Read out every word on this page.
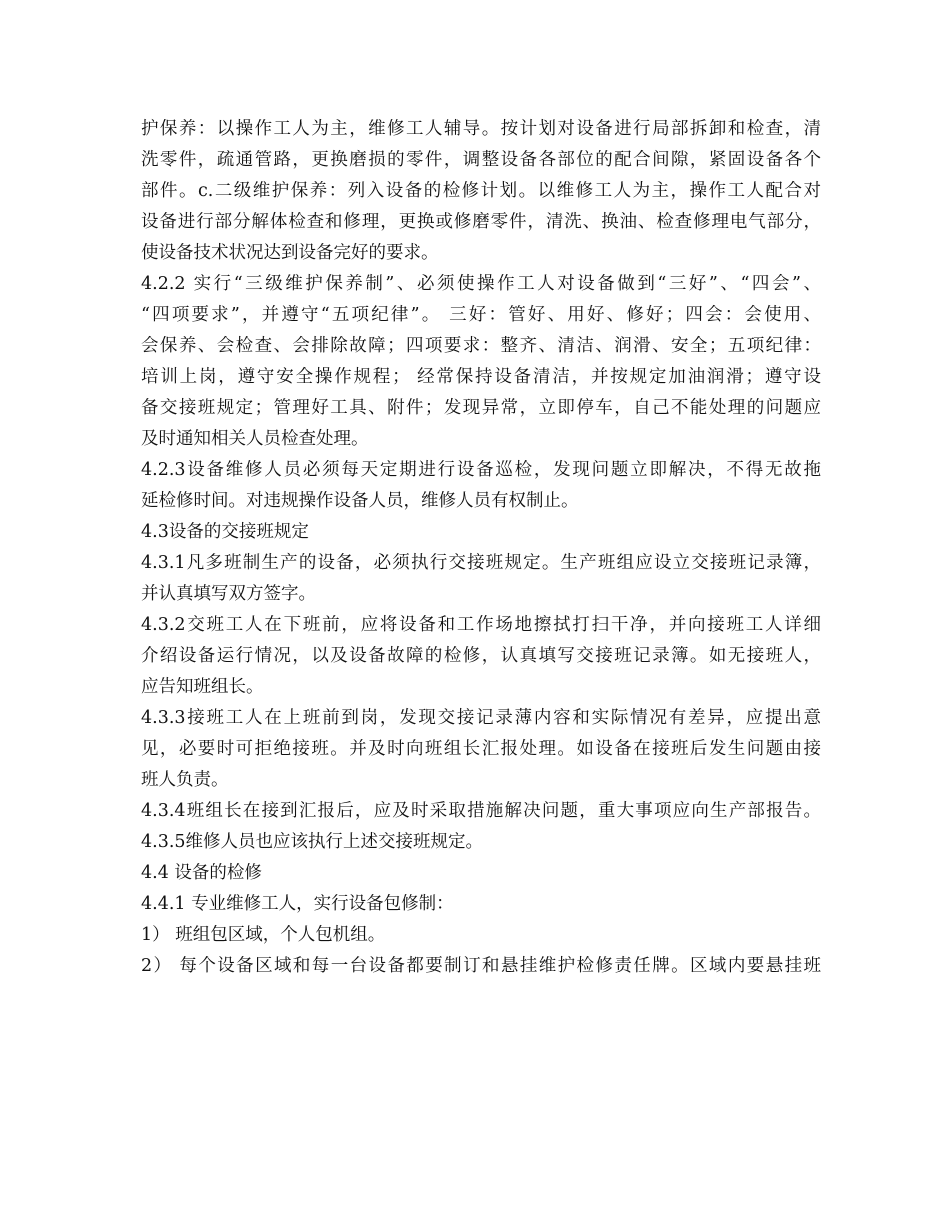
护保养：以操作工人为主，维修工人辅导。按计划对设备进行局部拆卸和检查，清
洗零件，疏通管路，更换磨损的零件，调整设备各部位的配合间隙，紧固设备各个
部件。c.二级维护保养：列入设备的检修计划。以维修工人为主，操作工人配合对
设备进行部分解体检查和修理，更换或修磨零件，清洗、换油、检查修理电气部分，
使设备技术状况达到设备完好的要求。
4.2.2 实行“三级维护保养制”、必须使操作工人对设备做到“三好”、“四会”、
“四项要求”，并遵守“五项纪律”。 三好：管好、用好、修好；四会：会使用、
会保养、会检查、会排除故障；四项要求：整齐、清洁、润滑、安全；五项纪律：
培训上岗，遵守安全操作规程； 经常保持设备清洁，并按规定加油润滑；遵守设
备交接班规定；管理好工具、附件；发现异常，立即停车，自己不能处理的问题应
及时通知相关人员检查处理。
4.2.3设备维修人员必须每天定期进行设备巡检，发现问题立即解决，不得无故拖
延检修时间。对违规操作设备人员，维修人员有权制止。
4.3设备的交接班规定
4.3.1凡多班制生产的设备，必须执行交接班规定。生产班组应设立交接班记录簿，
并认真填写双方签字。
4.3.2交班工人在下班前，应将设备和工作场地擦拭打扫干净，并向接班工人详细
介绍设备运行情况，以及设备故障的检修，认真填写交接班记录簿。如无接班人，
应告知班组长。
4.3.3接班工人在上班前到岗，发现交接记录薄内容和实际情况有差异，应提出意
见，必要时可拒绝接班。并及时向班组长汇报处理。如设备在接班后发生问题由接
班人负责。
4.3.4班组长在接到汇报后，应及时采取措施解决问题，重大事项应向生产部报告。
4.3.5维修人员也应该执行上述交接班规定。
4.4 设备的检修
4.4.1 专业维修工人，实行设备包修制：
1） 班组包区域，个人包机组。
2） 每个设备区域和每一台设备都要制订和悬挂维护检修责任牌。区域内要悬挂班
